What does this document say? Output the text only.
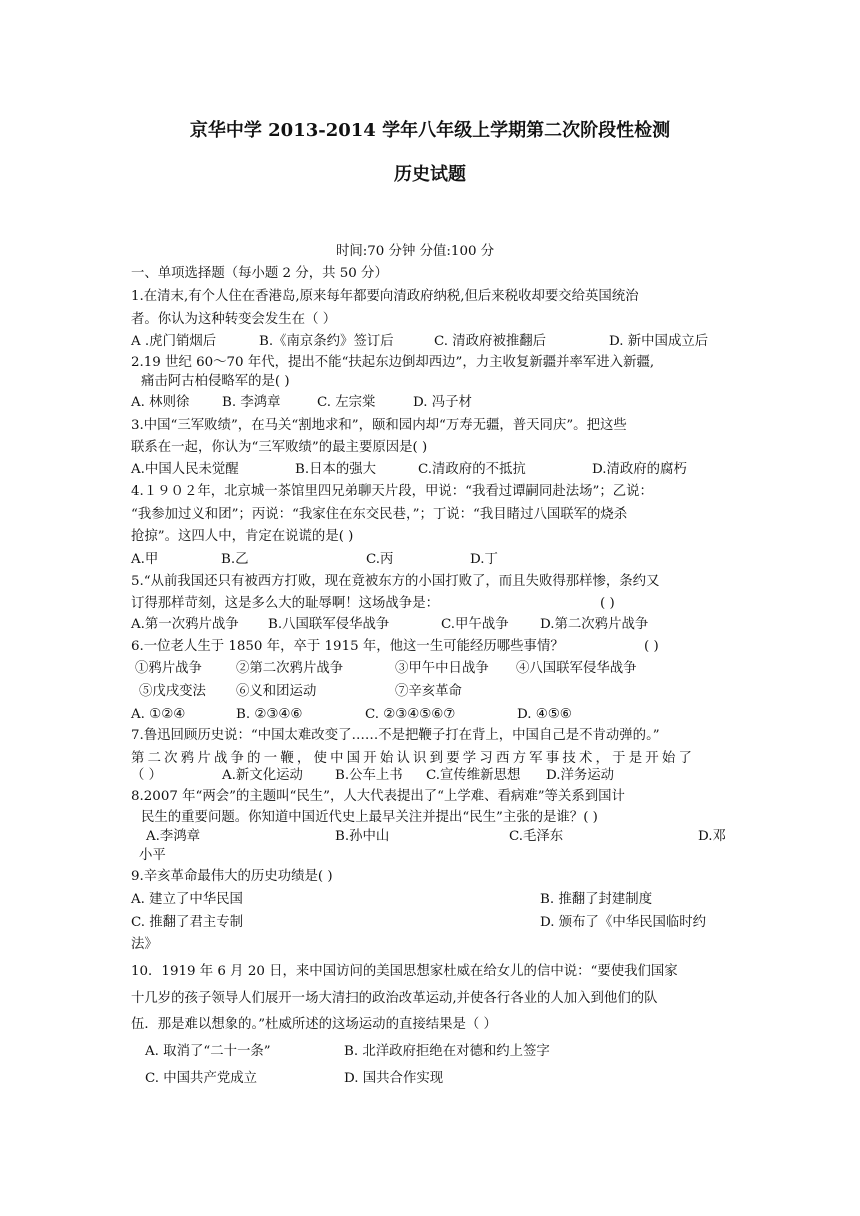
京华中学 2013-2014 学年八年级上学期第二次阶段性检测
历史试题
时间:70 分钟 分值:100 分
一、单项选择题（每小题 2 分，共 50 分）
1.在清末,有个人住在香港岛,原来每年都要向清政府纳税,但后来税收却要交给英国统治
者。你认为这种转变会发生在（ ）
A .虎门销烟后	B.《南京条约》签订后	C. 清政府被推翻后	D. 新中国成立后
2.19 世纪 60～70 年代，提出不能“扶起东边倒却西边”，力主收复新疆并率军进入新疆,
痛击阿古柏侵略军的是( )
A. 林则徐 B. 李鸿章	C. 左宗棠	D. 冯子材
3.中国“三军败绩”，在马关“割地求和”，颐和园内却“万寿无疆，普天同庆”。把这些
联系在一起，你认为“三军败绩”的最主要原因是( )
A.中国人民未觉醒	B.日本的强大	C.清政府的不抵抗	D.清政府的腐朽
4.１９０２年，北京城一茶馆里四兄弟聊天片段，甲说：“我看过谭嗣同赴法场”；乙说：
“我参加过义和团”；丙说：“我家住在东交民巷，”；丁说：“我目睹过八国联军的烧杀
抢掠”。这四人中，肯定在说谎的是( )
A.甲	B.乙	C.丙	D.丁
5.“从前我国还只有被西方打败，现在竟被东方的小国打败了，而且失败得那样惨，条约又
订得那样苛刻，这是多么大的耻辱啊！这场战争是：	( )
A.第一次鸦片战争 B.八国联军侵华战争	C.甲午战争 D.第二次鸦片战争
6.一位老人生于 1850 年，卒于 1915 年，他这一生可能经历哪些事情？	( )
①鸦片战争	②第二次鸦片战争	③甲午中日战争 ④八国联军侵华战争
⑤戊戌变法 ⑥义和团运动	⑦辛亥革命
A. ①②④	B. ②③④⑥	C. ②③④⑤⑥⑦	D. ④⑤⑥
7.鲁迅回顾历史说：“中国太难改变了……不是把鞭子打在背上，中国自己是不肯动弹的。”
第二次鸦片战争的一鞭，使中国开始认识到要学习西方军事技术，于是开始了
（ ）	A.新文化运动 B.公车上书 C.宣传维新思想 D.洋务运动
8.2007 年“两会”的主题叫“民生”，人大代表提出了“上学难、看病难”等关系到国计
民生的重要问题。你知道中国近代史上最早关注并提出“民生”主张的是谁？( )
A.李鸿章	B.孙中山	C.毛泽东	D.邓
小平
9.辛亥革命最伟大的历史功绩是( )
A. 建立了中华民国	B. 推翻了封建制度
C. 推翻了君主专制	D. 颁布了《中华民国临时约
法》
10．1919 年 6 月 20 日，来中国访问的美国思想家杜威在给女儿的信中说：“要使我们国家
十几岁的孩子领导人们展开一场大清扫的政治改革运动,并使各行各业的人加入到他们的队
伍．那是难以想象的。”杜威所述的这场运动的直接结果是（ ）
A. 取消了“二十一条”	B. 北洋政府拒绝在对德和约上签字
C. 中国共产党成立	D. 国共合作实现
